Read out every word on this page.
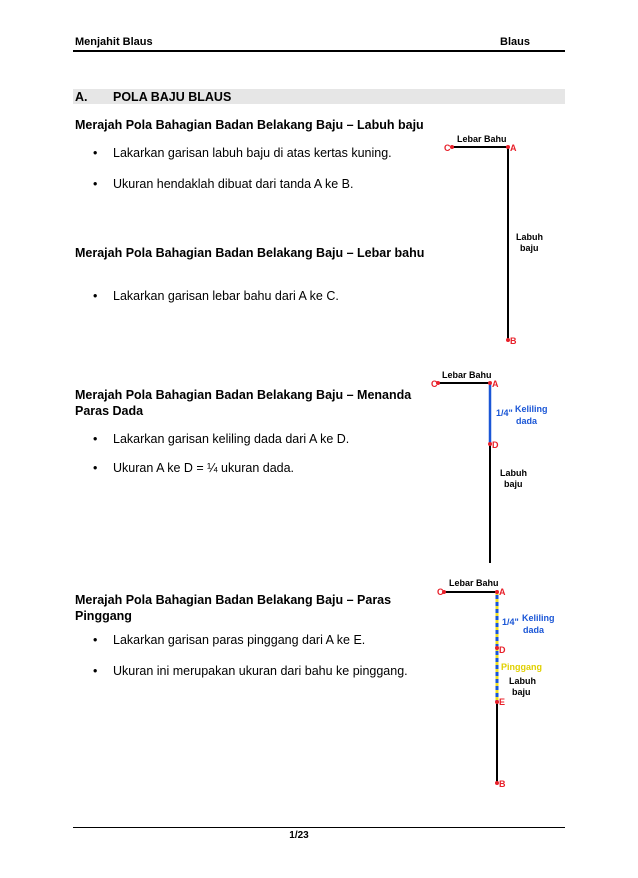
Menjahit Blaus	Blaus
A. POLA BAJU BLAUS
Merajah Pola Bahagian Badan Belakang Baju – Labuh baju
• Lakarkan garisan labuh baju di atas kertas kuning.
• Ukuran hendaklah dibuat dari tanda A ke B.
Merajah Pola Bahagian Badan Belakang Baju – Lebar bahu
• Lakarkan garisan lebar bahu dari A ke C.
Merajah Pola Bahagian Badan Belakang Baju – Menanda Paras Dada
• Lakarkan garisan keliling dada dari A ke D.
• Ukuran A ke D = ¼ ukuran dada.
Merajah Pola Bahagian Badan Belakang Baju – Paras Pinggang
• Lakarkan garisan paras pinggang dari A ke E.
• Ukuran ini merupakan ukuran dari bahu ke pinggang.
Lebar Bahu
C	A
Labuh
baju
B
Lebar Bahu
C	A
1/4" Keliling
dada
D
Labuh
baju
Lebar Bahu
C	A
1/4" Keliling
dada
D
Pinggang
Labuh
baju
E
B
1/23
